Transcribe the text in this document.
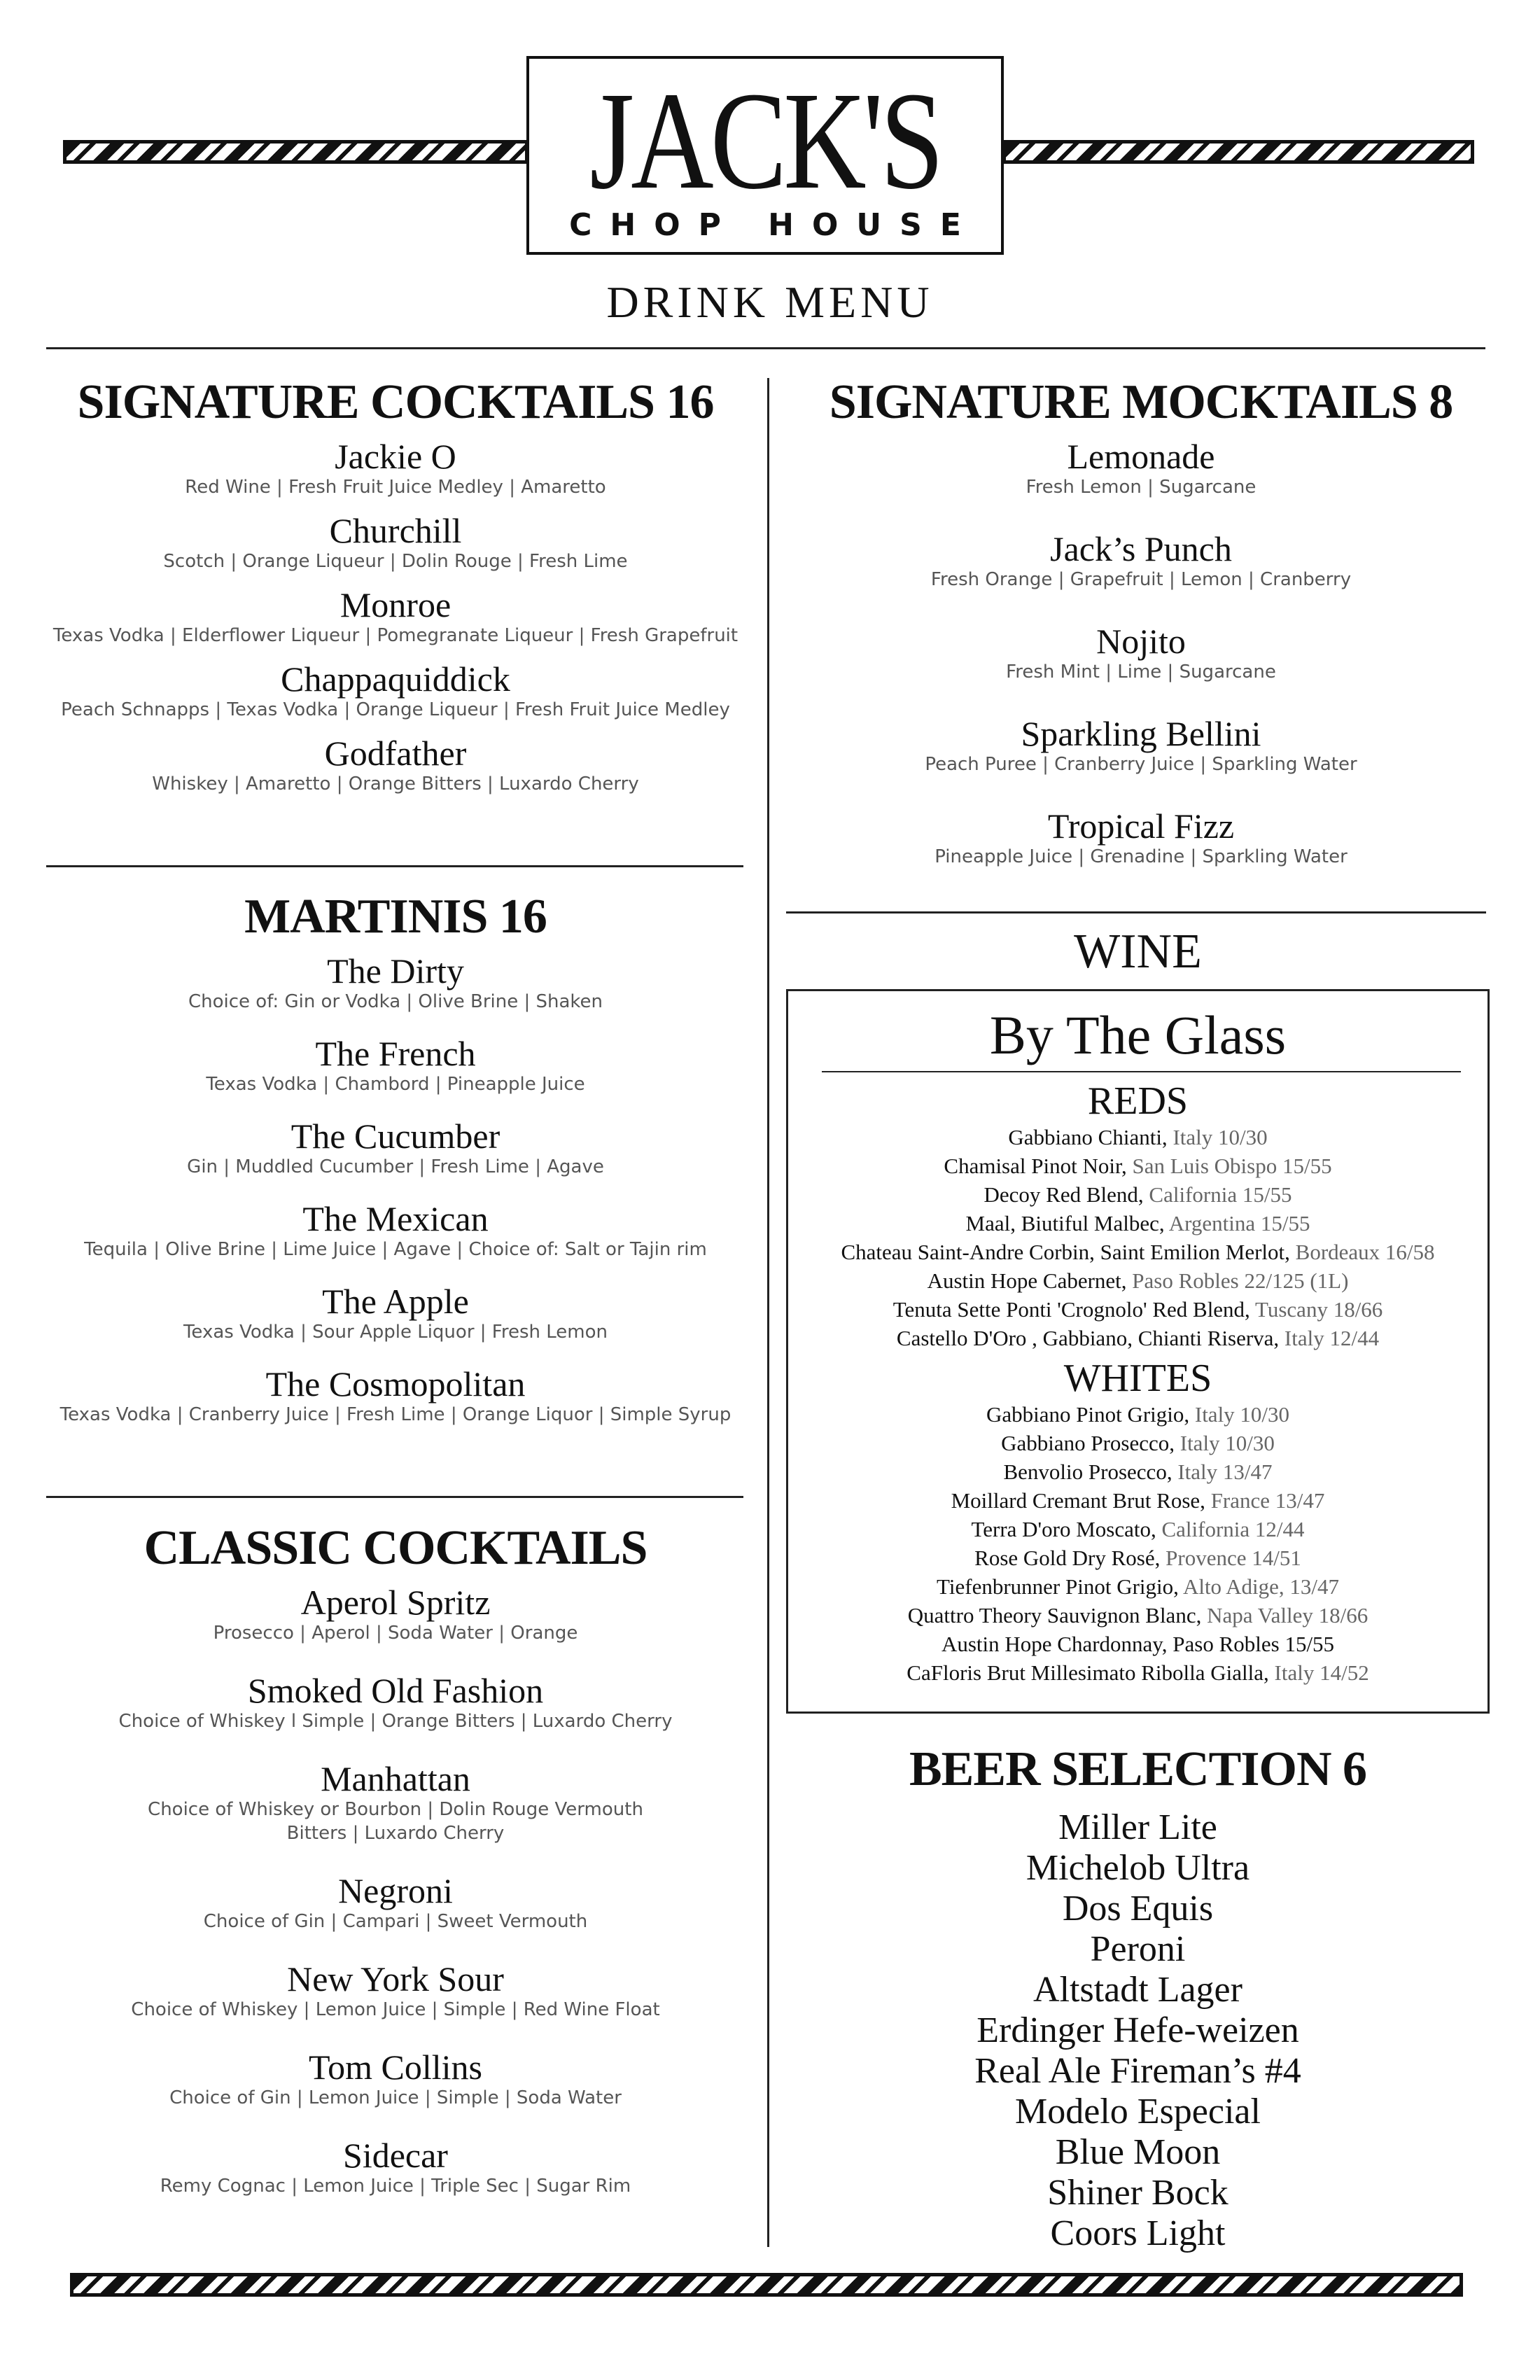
JACK'S
CHOP HOUSE
DRINK MENU
SIGNATURE COCKTAILS 16
Jackie O
Red Wine | Fresh Fruit Juice Medley | Amaretto
Churchill
Scotch | Orange Liqueur | Dolin Rouge | Fresh Lime
Monroe
Texas Vodka | Elderflower Liqueur | Pomegranate Liqueur | Fresh Grapefruit
Chappaquiddick
Peach Schnapps | Texas Vodka | Orange Liqueur | Fresh Fruit Juice Medley
Godfather
Whiskey | Amaretto | Orange Bitters | Luxardo Cherry
MARTINIS 16
The Dirty
Choice of: Gin or Vodka | Olive Brine | Shaken
The French
Texas Vodka | Chambord | Pineapple Juice
The Cucumber
Gin | Muddled Cucumber | Fresh Lime | Agave
The Mexican
Tequila | Olive Brine | Lime Juice | Agave | Choice of: Salt or Tajin rim
The Apple
Texas Vodka | Sour Apple Liquor | Fresh Lemon
The Cosmopolitan
Texas Vodka | Cranberry Juice | Fresh Lime | Orange Liquor | Simple Syrup
CLASSIC COCKTAILS
Aperol Spritz
Prosecco | Aperol | Soda Water | Orange
Smoked Old Fashion
Choice of Whiskey l Simple | Orange Bitters | Luxardo Cherry
Manhattan
Choice of Whiskey or Bourbon | Dolin Rouge Vermouth
Bitters | Luxardo Cherry
Negroni
Choice of Gin | Campari | Sweet Vermouth
New York Sour
Choice of Whiskey | Lemon Juice | Simple | Red Wine Float
Tom Collins
Choice of Gin | Lemon Juice | Simple | Soda Water
Sidecar
Remy Cognac | Lemon Juice | Triple Sec | Sugar Rim
SIGNATURE MOCKTAILS 8
Lemonade
Fresh Lemon | Sugarcane
Jack’s Punch
Fresh Orange | Grapefruit | Lemon | Cranberry
Nojito
Fresh Mint | Lime | Sugarcane
Sparkling Bellini
Peach Puree | Cranberry Juice | Sparkling Water
Tropical Fizz
Pineapple Juice | Grenadine | Sparkling Water
WINE
By The Glass
REDS
Gabbiano Chianti, Italy 10/30
Chamisal Pinot Noir, San Luis Obispo 15/55
Decoy Red Blend, California 15/55
Maal, Biutiful Malbec, Argentina 15/55
Chateau Saint-Andre Corbin, Saint Emilion Merlot, Bordeaux 16/58
Austin Hope Cabernet, Paso Robles 22/125 (1L)
Tenuta Sette Ponti 'Crognolo' Red Blend, Tuscany 18/66
Castello D'Oro , Gabbiano, Chianti Riserva, Italy 12/44
WHITES
Gabbiano Pinot Grigio, Italy 10/30
Gabbiano Prosecco, Italy 10/30
Benvolio Prosecco, Italy 13/47
Moillard Cremant Brut Rose, France 13/47
Terra D'oro Moscato, California 12/44
Rose Gold Dry Rosé, Provence 14/51
Tiefenbrunner Pinot Grigio, Alto Adige, 13/47
Quattro Theory Sauvignon Blanc, Napa Valley 18/66
Austin Hope Chardonnay, Paso Robles 15/55
CaFloris Brut Millesimato Ribolla Gialla, Italy 14/52
BEER SELECTION 6
Miller Lite
Michelob Ultra
Dos Equis
Peroni
Altstadt Lager
Erdinger Hefe-weizen
Real Ale Fireman’s #4
Modelo Especial
Blue Moon
Shiner Bock
Coors Light
